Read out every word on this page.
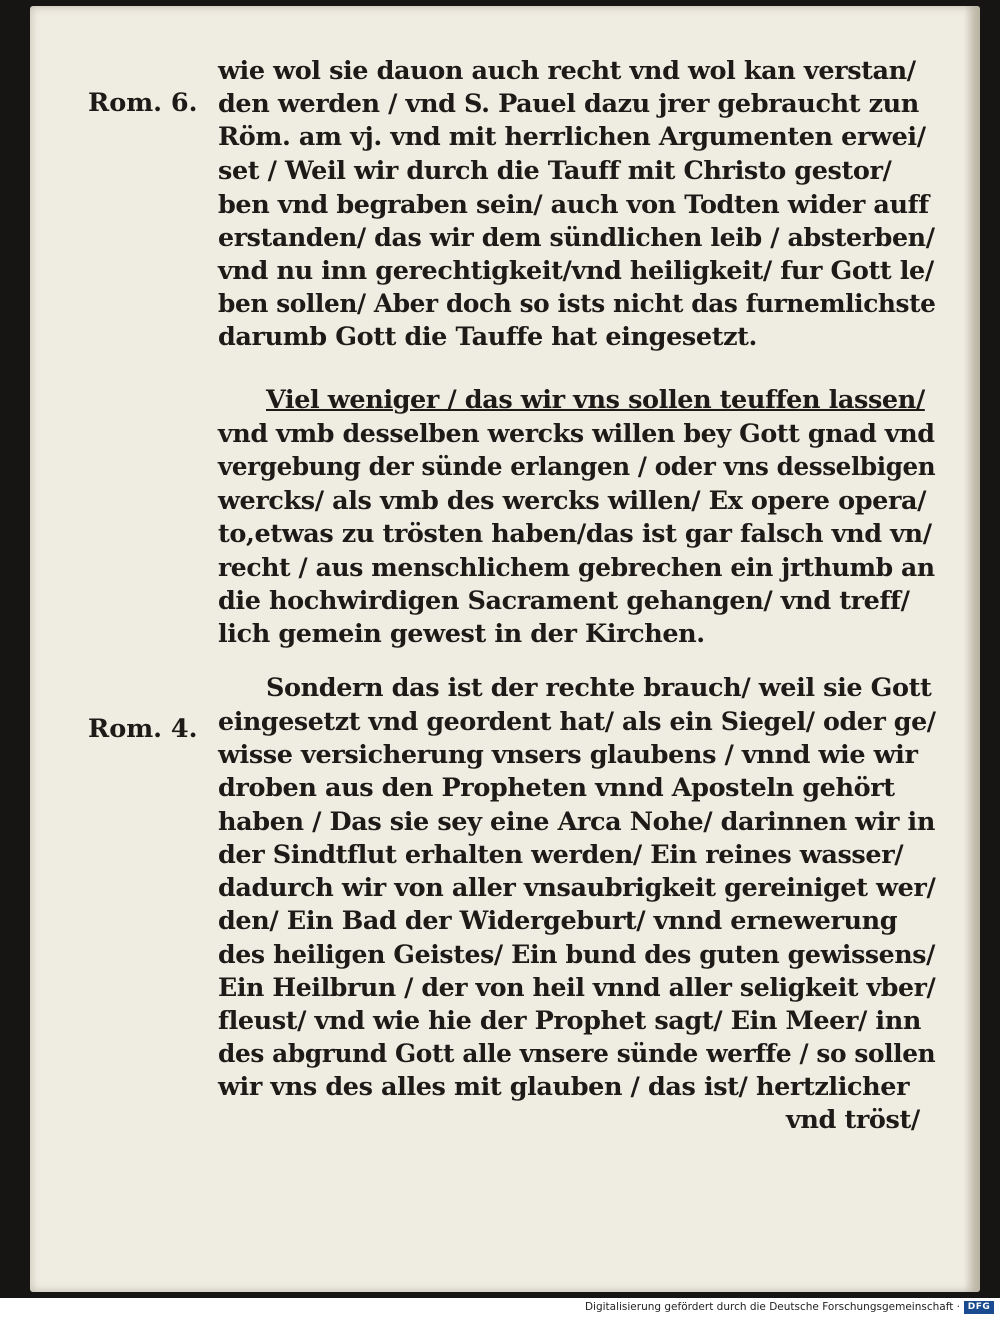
Rom. 6.
Rom. 4.
wie wol sie dauon auch recht vnd wol kan verstan/
den werden / vnd S. Pauel dazu jrer gebraucht zun
Röm. am vj. vnd mit herrlichen Argumenten erwei/
set / Weil wir durch die Tauff mit Christo gestor/
ben vnd begraben sein/ auch von Todten wider auff
erstanden/ das wir dem sündlichen leib / absterben/
vnd nu inn gerechtigkeit/vnd heiligkeit/ fur Gott le/
ben sollen/ Aber doch so ists nicht das furnemlichste
darumb Gott die Tauffe hat eingesetzt.
Viel weniger / das wir vns sollen teuffen lassen/
vnd vmb desselben wercks willen bey Gott gnad vnd
vergebung der sünde erlangen / oder vns desselbigen
wercks/ als vmb des wercks willen/ Ex opere opera/
to,etwas zu trösten haben/das ist gar falsch vnd vn/
recht / aus menschlichem gebrechen ein jrthumb an
die hochwirdigen Sacrament gehangen/ vnd treff/
lich gemein gewest in der Kirchen.
Sondern das ist der rechte brauch/ weil sie Gott
eingesetzt vnd geordent hat/ als ein Siegel/ oder ge/
wisse versicherung vnsers glaubens / vnnd wie wir
droben aus den Propheten vnnd Aposteln gehört
haben / Das sie sey eine Arca Nohe/ darinnen wir in
der Sindtflut erhalten werden/ Ein reines wasser/
dadurch wir von aller vnsaubrigkeit gereiniget wer/
den/ Ein Bad der Widergeburt/ vnnd ernewerung
des heiligen Geistes/ Ein bund des guten gewissens/
Ein Heilbrun / der von heil vnnd aller seligkeit vber/
fleust/ vnd wie hie der Prophet sagt/ Ein Meer/ inn
des abgrund Gott alle vnsere sünde werffe / so sollen
wir vns des alles mit glauben / das ist/ hertzlicher
vnd tröst/
Digitalisierung gefördert durch die Deutsche Forschungsgemeinschaft · DFG
